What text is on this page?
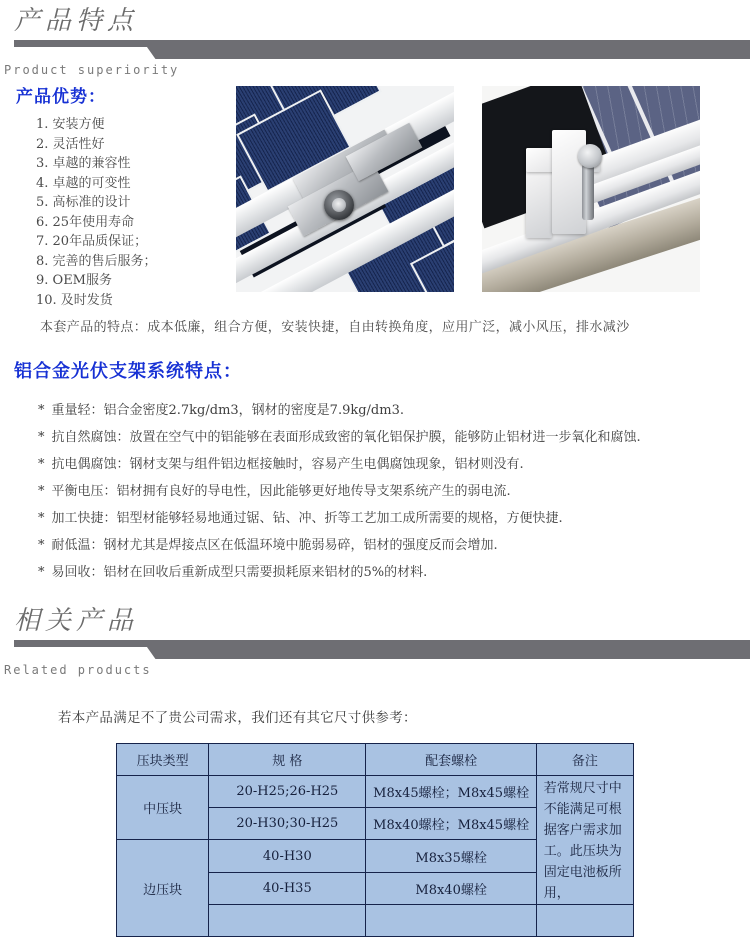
产品特点
Product superiority
产品优势：
1. 安装方便
2. 灵活性好
3. 卓越的兼容性
4. 卓越的可变性
5. 高标准的设计
6. 25年使用寿命
7. 20年品质保证；
8. 完善的售后服务；
9. OEM服务
10. 及时发货

本套产品的特点：成本低廉，组合方便，安装快捷，自由转换角度，应用广泛，减小风压，排水减沙
铝合金光伏支架系统特点：
* 重量轻：铝合金密度2.7kg/dm3，钢材的密度是7.9kg/dm3.
* 抗自然腐蚀：放置在空气中的铝能够在表面形成致密的氧化铝保护膜，能够防止铝材进一步氧化和腐蚀.
* 抗电偶腐蚀：钢材支架与组件铝边框接触时，容易产生电偶腐蚀现象，铝材则没有.
* 平衡电压：铝材拥有良好的导电性，因此能够更好地传导支架系统产生的弱电流.
* 加工快捷：铝型材能够轻易地通过锯、钻、冲、折等工艺加工成所需要的规格，方便快捷.
* 耐低温：钢材尤其是焊接点区在低温环境中脆弱易碎，铝材的强度反而会增加.
* 易回收：铝材在回收后重新成型只需要损耗原来铝材的5%的材料.
相关产品
Related products
若本产品满足不了贵公司需求，我们还有其它尺寸供参考：
压块类型	规 格	配套螺栓	备注
中压块	20-H25;26-H25	M8x45螺栓；M8x45螺栓	若常规尺寸中不能满足可根据客户需求加工。此压块为固定电池板所用，
	20-H30;30-H25	M8x40螺栓；M8x45螺栓	
边压块	40-H30	M8x35螺栓	
	40-H35	M8x40螺栓	
